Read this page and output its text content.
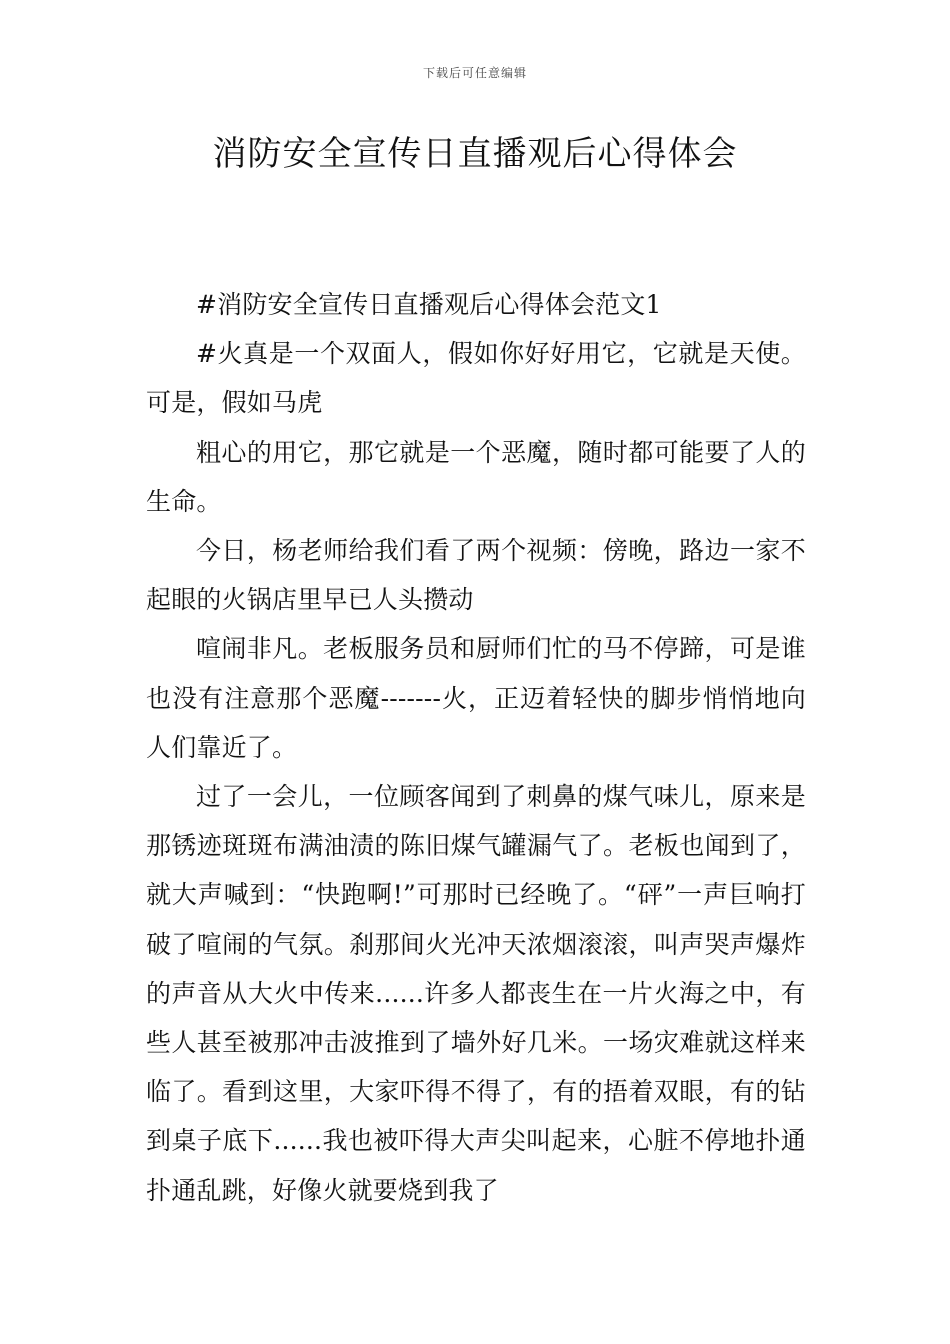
下载后可任意编辑
消防安全宣传日直播观后心得体会

#消防安全宣传日直播观后心得体会范文1

#火真是一个双面人，假如你好好用它，它就是天使。可是，假如马虎

粗心的用它，那它就是一个恶魔，随时都可能要了人的生命。

今日，杨老师给我们看了两个视频：傍晚，路边一家不起眼的火锅店里早已人头攒动

喧闹非凡。老板服务员和厨师们忙的马不停蹄，可是谁也没有注意那个恶魔-------火，正迈着轻快的脚步悄悄地向人们靠近了。

过了一会儿，一位顾客闻到了刺鼻的煤气味儿，原来是那锈迹斑斑布满油渍的陈旧煤气罐漏气了。老板也闻到了，就大声喊到：“快跑啊!”可那时已经晚了。“砰”一声巨响打破了喧闹的气氛。刹那间火光冲天浓烟滚滚，叫声哭声爆炸的声音从大火中传来......许多人都丧生在一片火海之中，有些人甚至被那冲击波推到了墙外好几米。一场灾难就这样来临了。看到这里，大家吓得不得了，有的捂着双眼，有的钻到桌子底下......我也被吓得大声尖叫起来，心脏不停地扑通扑通乱跳，好像火就要烧到我了
